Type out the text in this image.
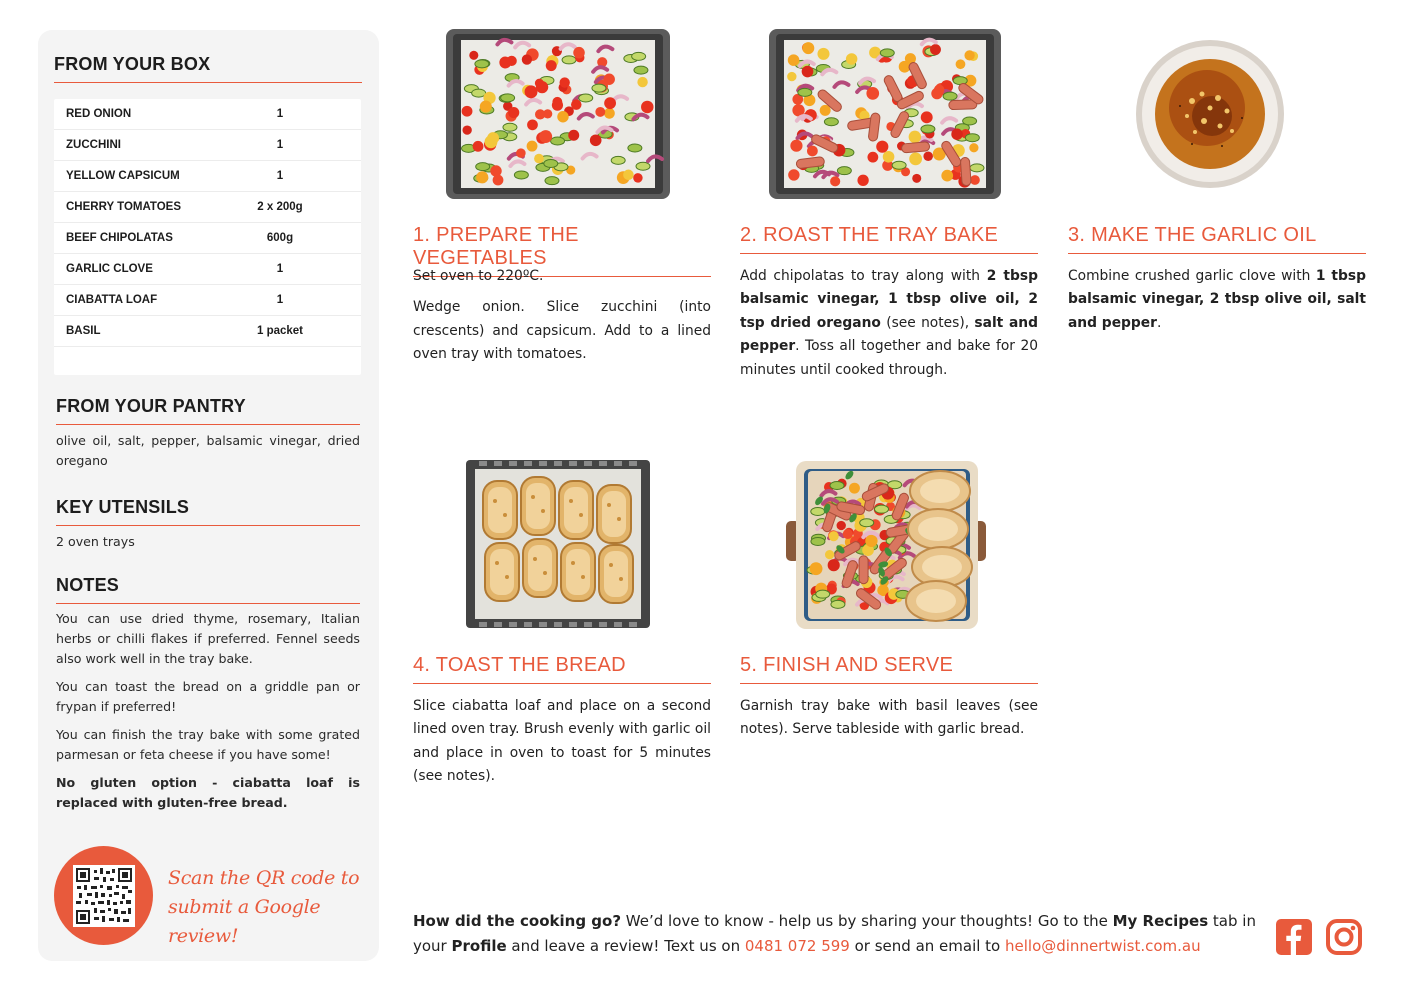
FROM YOUR BOX
RED ONION	1
ZUCCHINI	1
YELLOW CAPSICUM	1
CHERRY TOMATOES	2 x 200g
BEEF CHIPOLATAS	600g
GARLIC CLOVE	1
CIABATTA LOAF	1
BASIL	1 packet
FROM YOUR PANTRY
olive oil, salt, pepper, balsamic vinegar, dried oregano
KEY UTENSILS
2 oven trays
NOTES

You can use dried thyme, rosemary, Italian herbs or chilli flakes if preferred. Fennel seeds also work well in the tray bake.

You can toast the bread on a griddle pan or frypan if preferred!

You can finish the tray bake with some grated parmesan or feta cheese if you have some!

No gluten option - ciabatta loaf is replaced with gluten-free bread.

Scan the QR code to
submit a Google review!
1. PREPARE THE VEGETABLES

Set oven to 220ºC.

Wedge onion. Slice zucchini (into crescents) and capsicum. Add to a lined oven tray with tomatoes.

2. ROAST THE TRAY BAKE

Add chipolatas to tray along with 2 tbsp balsamic vinegar, 1 tbsp olive oil, 2 tsp dried oregano (see notes), salt and pepper. Toss all together and bake for 20 minutes until cooked through.

3. MAKE THE GARLIC OIL

Combine crushed garlic clove with 1 tbsp balsamic vinegar, 2 tbsp olive oil, salt and pepper.

4. TOAST THE BREAD

Slice ciabatta loaf and place on a second lined oven tray. Brush evenly with garlic oil and place in oven to toast for 5 minutes (see notes).

5. FINISH AND SERVE

Garnish tray bake with basil leaves (see notes). Serve tableside with garlic bread.

How did the cooking go? We’d love to know - help us by sharing your thoughts! Go to the My Recipes tab in your Profile and leave a review! Text us on 0481 072 599 or send an email to hello@dinnertwist.com.au
